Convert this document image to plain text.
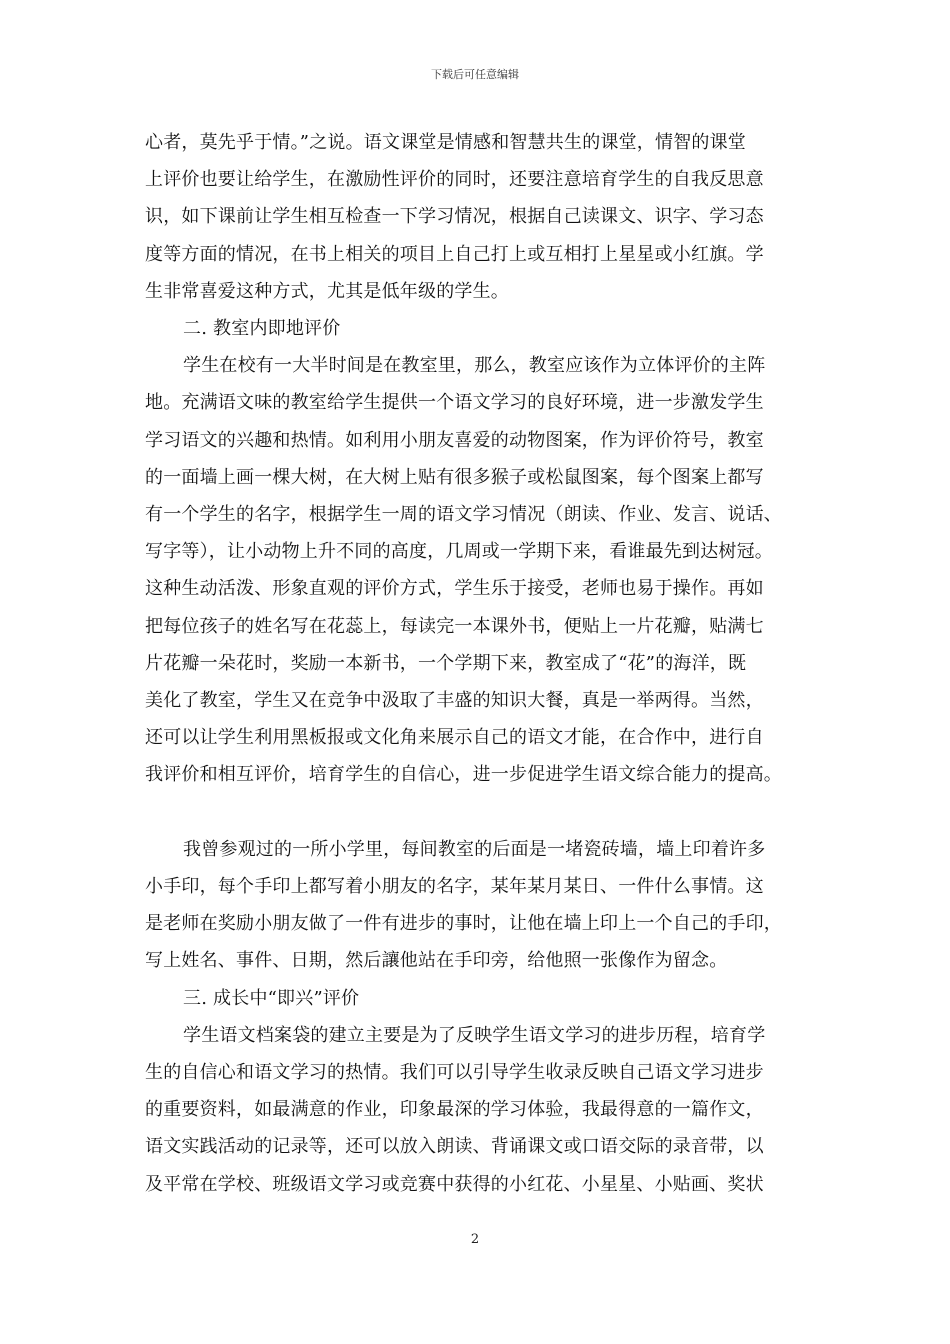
下载后可任意编辑

心者，莫先乎于情。”之说。语文课堂是情感和智慧共生的课堂，情智的课堂

上评价也要让给学生，在激励性评价的同时，还要注意培育学生的自我反思意

识，如下课前让学生相互检查一下学习情况，根据自己读课文、识字、学习态

度等方面的情况，在书上相关的项目上自己打上或互相打上星星或小红旗。学

生非常喜爱这种方式，尤其是低年级的学生。

二. 教室内即地评价

学生在校有一大半时间是在教室里，那么，教室应该作为立体评价的主阵

地。充满语文味的教室给学生提供一个语文学习的良好环境，进一步激发学生

学习语文的兴趣和热情。如利用小朋友喜爱的动物图案，作为评价符号，教室

的一面墙上画一棵大树，在大树上贴有很多猴子或松鼠图案，每个图案上都写

有一个学生的名字，根据学生一周的语文学习情况（朗读、作业、发言、说话、

写字等），让小动物上升不同的高度，几周或一学期下来，看谁最先到达树冠。

这种生动活泼、形象直观的评价方式，学生乐于接受，老师也易于操作。再如

把每位孩子的姓名写在花蕊上，每读完一本课外书，便贴上一片花瓣，贴满七

片花瓣一朵花时，奖励一本新书，一个学期下来，教室成了“花”的海洋，既

美化了教室，学生又在竞争中汲取了丰盛的知识大餐，真是一举两得。当然，

还可以让学生利用黑板报或文化角来展示自己的语文才能，在合作中，进行自

我评价和相互评价，培育学生的自信心，进一步促进学生语文综合能力的提高。

我曾参观过的一所小学里，每间教室的后面是一堵瓷砖墙，墙上印着许多

小手印，每个手印上都写着小朋友的名字，某年某月某日、一件什么事情。这

是老师在奖励小朋友做了一件有进步的事时，让他在墙上印上一个自己的手印，

写上姓名、事件、日期，然后讓他站在手印旁，给他照一张像作为留念。

三. 成长中“即兴”评价

学生语文档案袋的建立主要是为了反映学生语文学习的进步历程，培育学

生的自信心和语文学习的热情。我们可以引导学生收录反映自己语文学习进步

的重要资料，如最满意的作业，印象最深的学习体验，我最得意的一篇作文，

语文实践活动的记录等，还可以放入朗读、背诵课文或口语交际的录音带，以

及平常在学校、班级语文学习或竞赛中获得的小红花、小星星、小贴画、奖状

2
